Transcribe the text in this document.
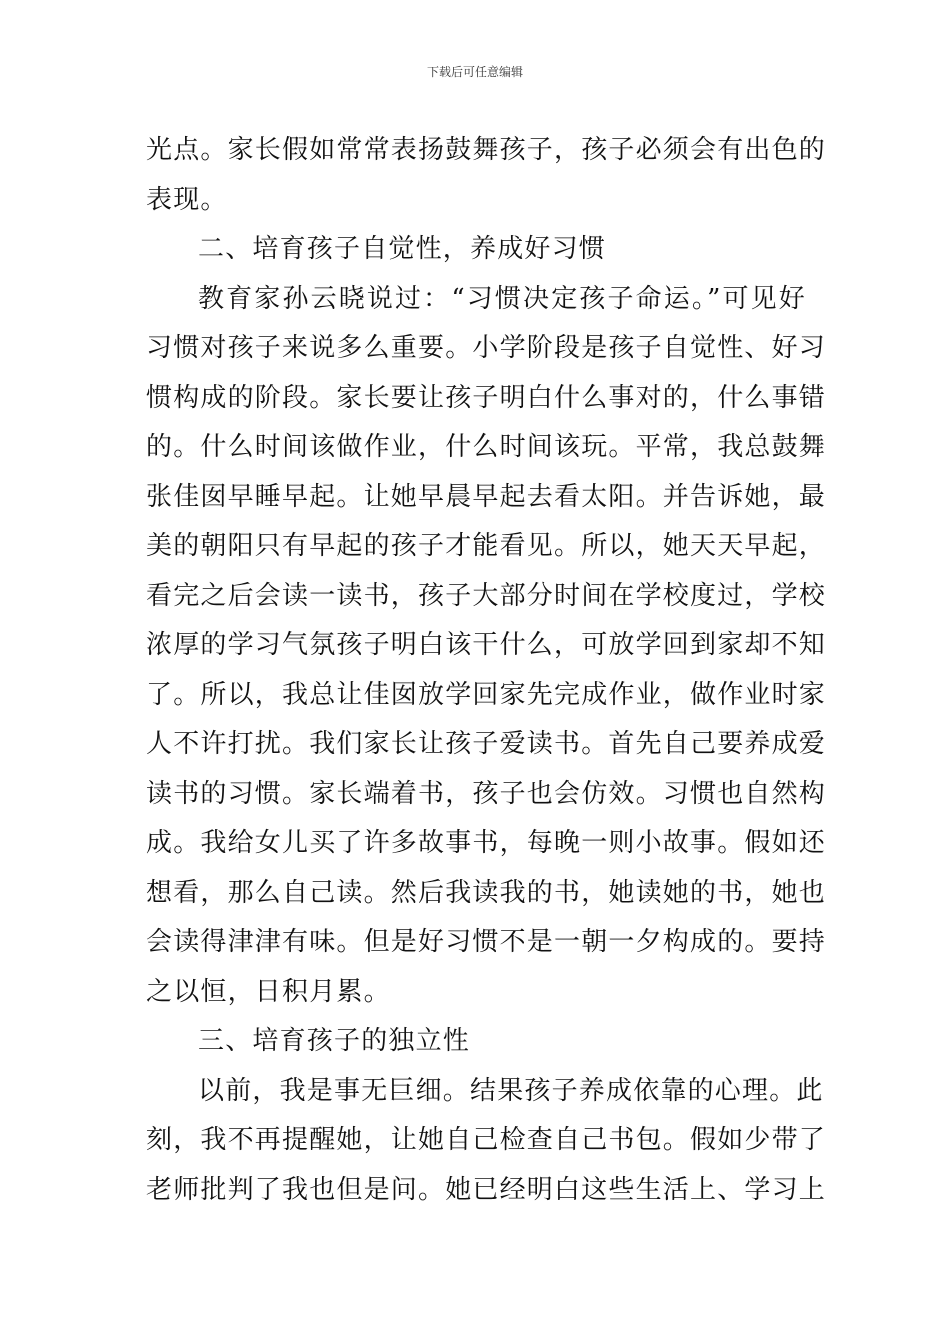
下载后可任意编辑
光点。家长假如常常表扬鼓舞孩子，孩子必须会有出色的
表现。
二、培育孩子自觉性，养成好习惯
教育家孙云晓说过：“习惯决定孩子命运。”可见好
习惯对孩子来说多么重要。小学阶段是孩子自觉性、好习
惯构成的阶段。家长要让孩子明白什么事对的，什么事错
的。什么时间该做作业，什么时间该玩。平常，我总鼓舞
张佳囡早睡早起。让她早晨早起去看太阳。并告诉她，最
美的朝阳只有早起的孩子才能看见。所以，她天天早起，
看完之后会读一读书，孩子大部分时间在学校度过，学校
浓厚的学习气氛孩子明白该干什么，可放学回到家却不知
了。所以，我总让佳囡放学回家先完成作业，做作业时家
人不许打扰。我们家长让孩子爱读书。首先自己要养成爱
读书的习惯。家长端着书，孩子也会仿效。习惯也自然构
成。我给女儿买了许多故事书，每晚一则小故事。假如还
想看，那么自己读。然后我读我的书，她读她的书，她也
会读得津津有味。但是好习惯不是一朝一夕构成的。要持
之以恒，日积月累。
三、培育孩子的独立性
以前，我是事无巨细。结果孩子养成依靠的心理。此
刻，我不再提醒她，让她自己检查自己书包。假如少带了
老师批判了我也但是问。她已经明白这些生活上、学习上
